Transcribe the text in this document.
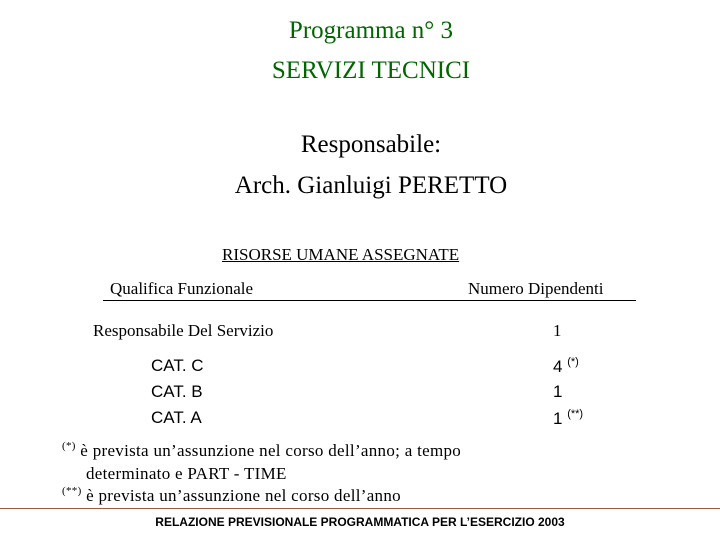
Programma n° 3
SERVIZI TECNICI
Responsabile:
Arch. Gianluigi PERETTO
RISORSE UMANE ASSEGNATE
Qualifica Funzionale	Numero Dipendenti
Responsabile Del Servizio	1
CAT. C	4 (*)
CAT. B	1
CAT. A	1 (**)
(*) è prevista un’assunzione nel corso dell’anno; a tempo
determinato e PART - TIME
(**) è prevista un’assunzione nel corso dell’anno
RELAZIONE PREVISIONALE PROGRAMMATICA PER L’ESERCIZIO 2003
